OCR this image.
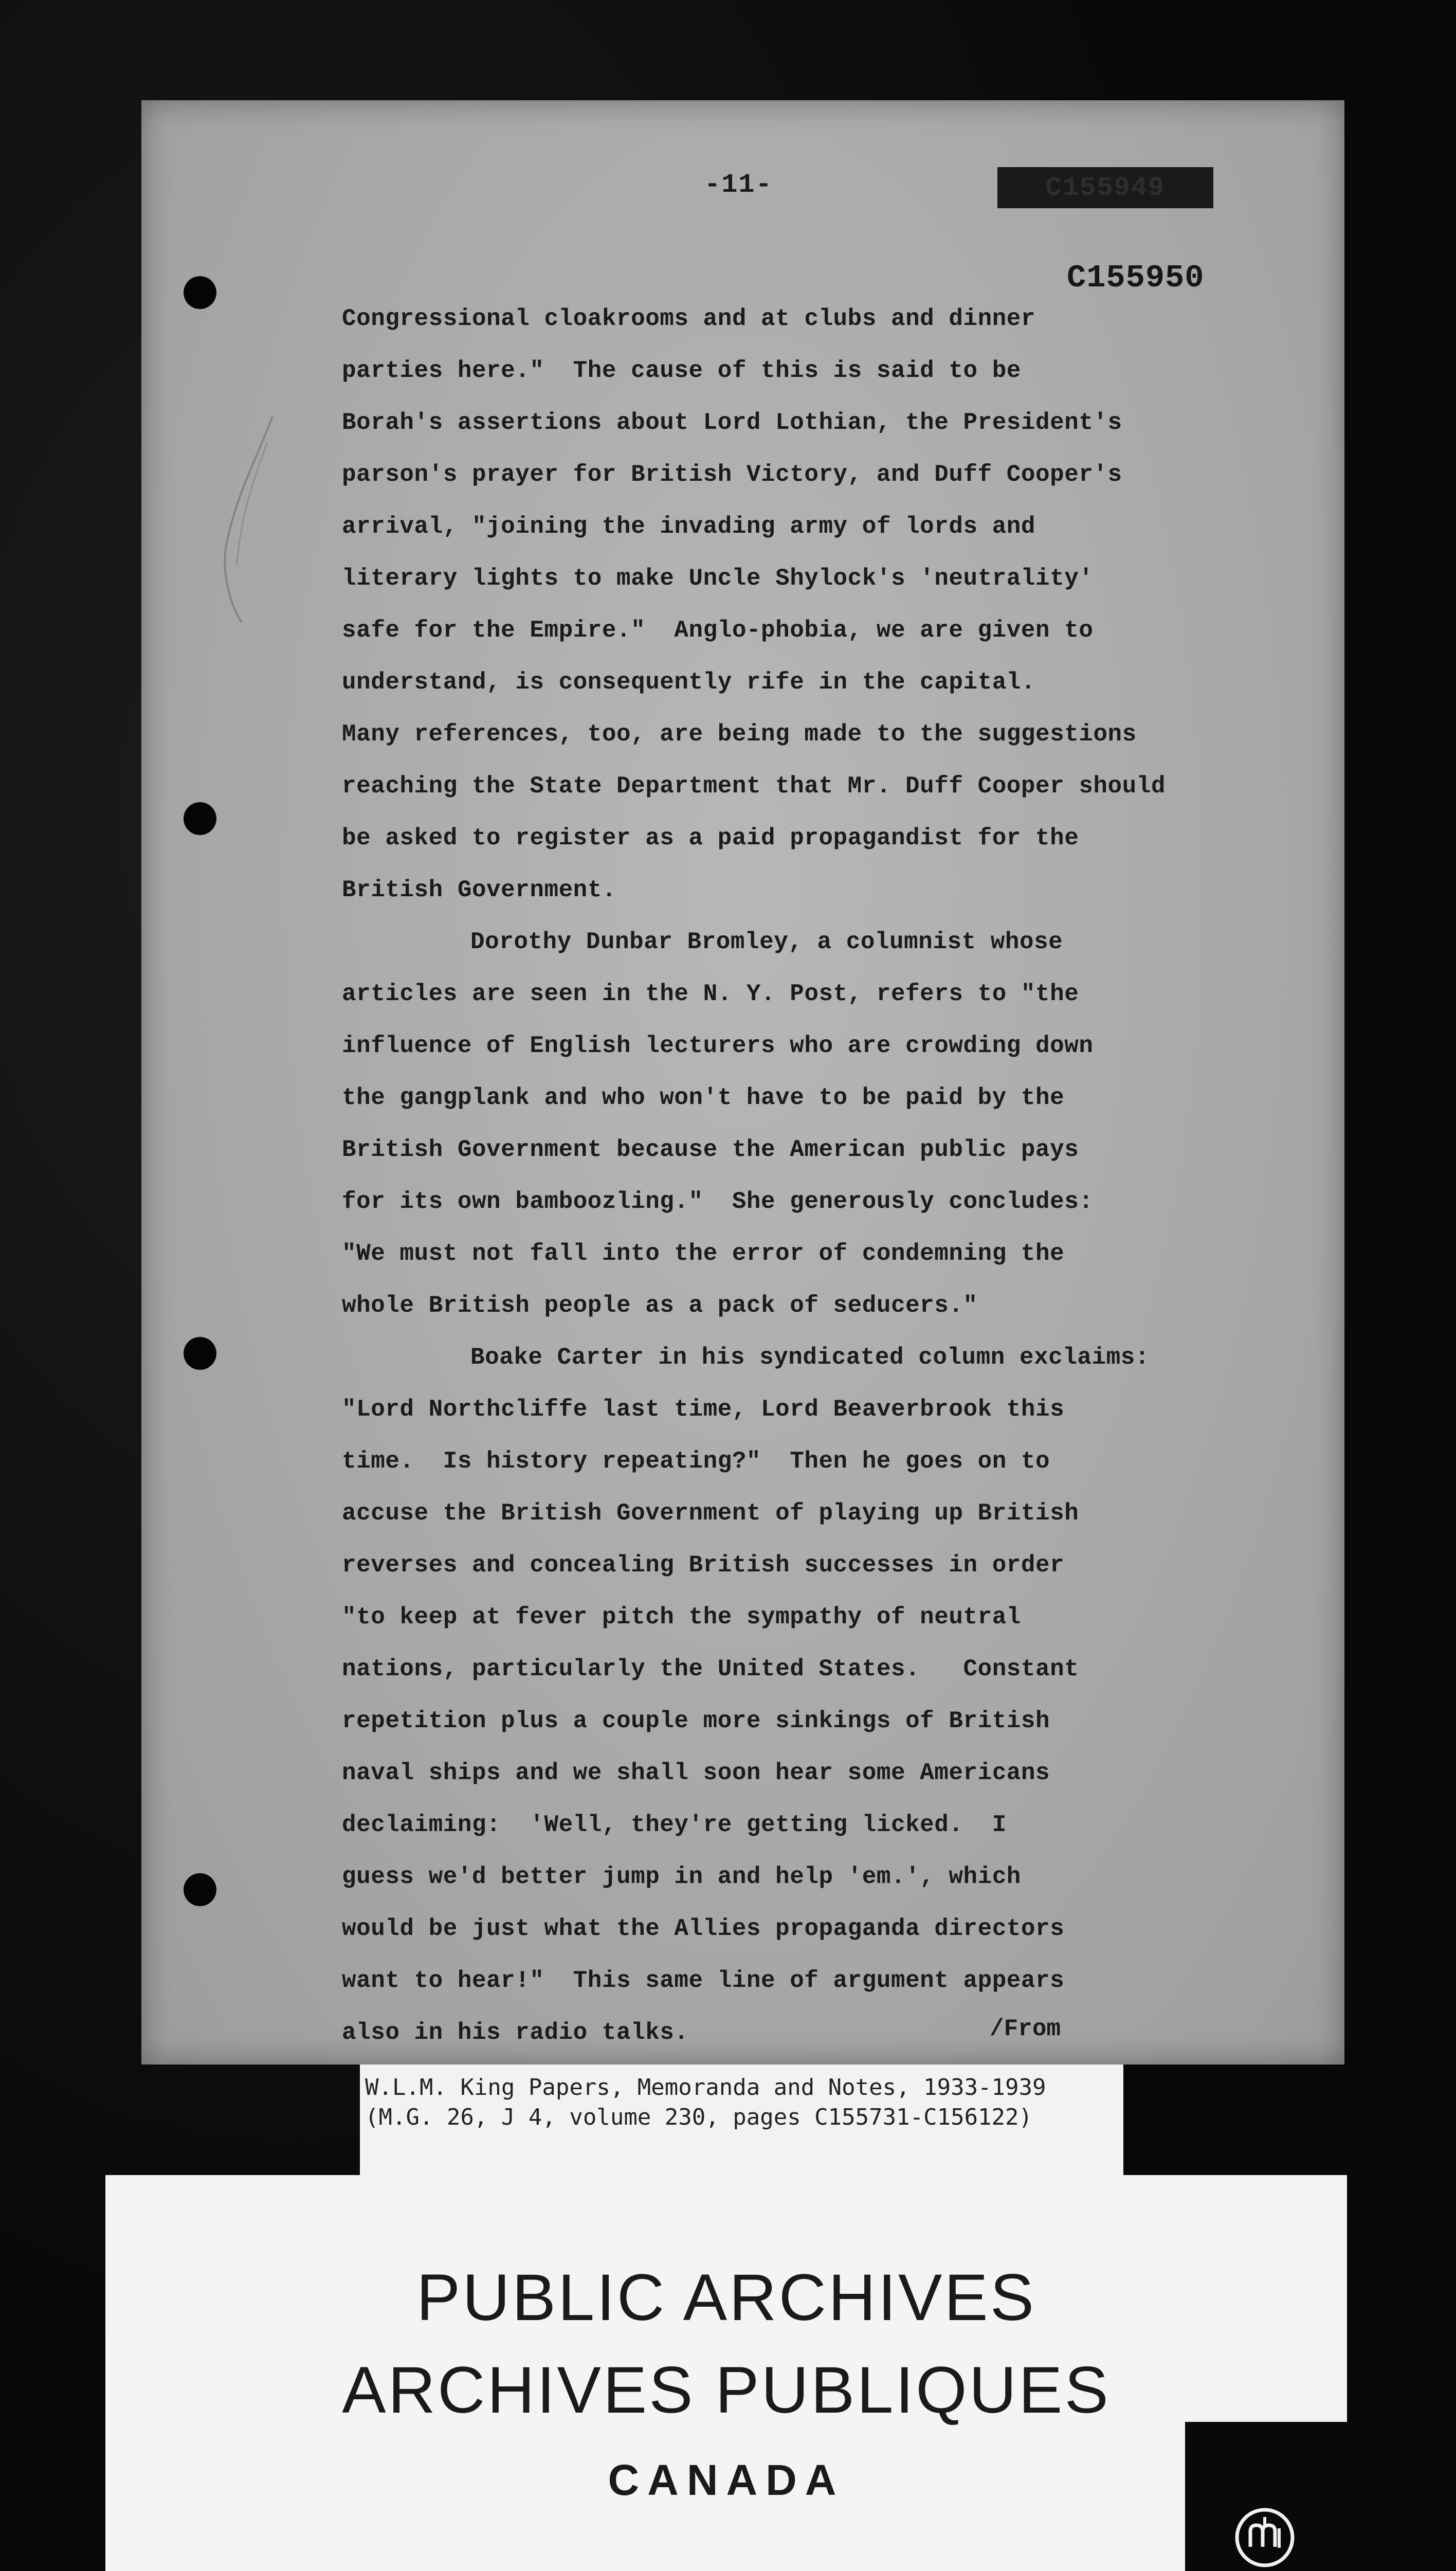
-11-	C155949
C155950
Congressional cloakrooms and at clubs and dinner
parties here."  The cause of this is said to be
Borah's assertions about Lord Lothian, the President's
parson's prayer for British Victory, and Duff Cooper's
arrival, "joining the invading army of lords and
literary lights to make Uncle Shylock's 'neutrality'
safe for the Empire."  Anglo-phobia, we are given to
understand, is consequently rife in the capital.
Many references, too, are being made to the suggestions
reaching the State Department that Mr. Duff Cooper should
be asked to register as a paid propagandist for the
British Government.
Dorothy Dunbar Bromley, a columnist whose
articles are seen in the N. Y. Post, refers to "the
influence of English lecturers who are crowding down
the gangplank and who won't have to be paid by the
British Government because the American public pays
for its own bamboozling."  She generously concludes:
"We must not fall into the error of condemning the
whole British people as a pack of seducers."
Boake Carter in his syndicated column exclaims:
"Lord Northcliffe last time, Lord Beaverbrook this
time.  Is history repeating?"  Then he goes on to
accuse the British Government of playing up British
reverses and concealing British successes in order
"to keep at fever pitch the sympathy of neutral
nations, particularly the United States.   Constant
repetition plus a couple more sinkings of British
naval ships and we shall soon hear some Americans
declaiming:  'Well, they're getting licked.  I
guess we'd better jump in and help 'em.', which
would be just what the Allies propaganda directors
want to hear!"  This same line of argument appears
also in his radio talks.	/From
W.L.M. King Papers, Memoranda and Notes, 1933-1939
(M.G. 26, J 4, volume 230, pages C155731-C156122)
PUBLIC ARCHIVES
ARCHIVES PUBLIQUES
CANADA
